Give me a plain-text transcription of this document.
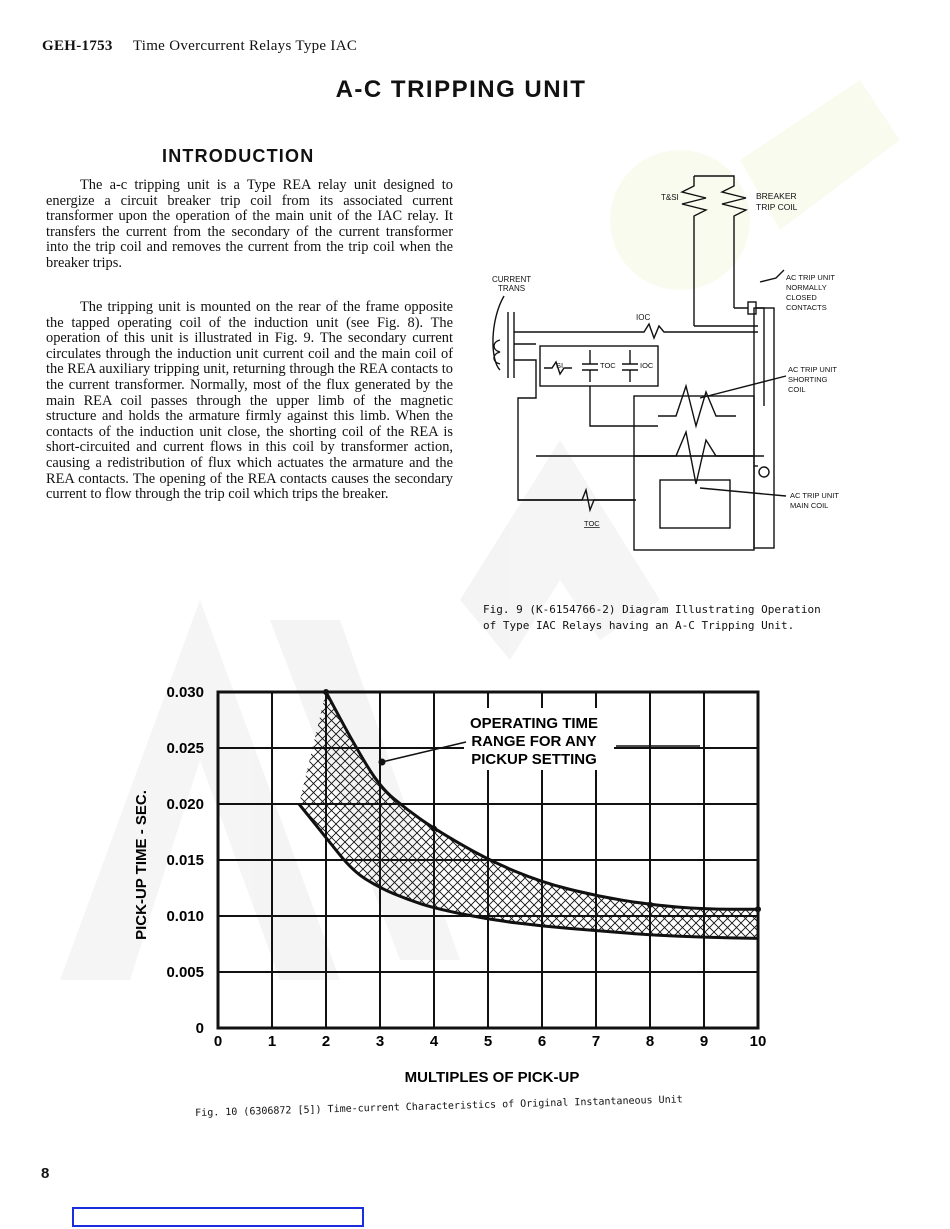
GEH-1753 Time Overcurrent Relays Type IAC
A-C TRIPPING UNIT
INTRODUCTION

The a-c tripping unit is a Type REA relay unit designed to energize a circuit breaker trip coil from its associated current transformer upon the operation of the main unit of the IAC relay. It transfers the current from the secondary of the current transformer into the trip coil and removes the current from the trip coil when the breaker trips.

The tripping unit is mounted on the rear of the frame opposite the tapped operating coil of the induction unit (see Fig. 8). The operation of this unit is illustrated in Fig. 9. The secondary current circulates through the induction unit current coil and the main coil of the REA auxiliary tripping unit, returning through the REA contacts to the current transformer. Normally, most of the flux generated by the main REA coil passes through the upper limb of the magnetic structure and holds the armature firmly against this limb. When the contacts of the induction unit close, the shorting coil of the REA is short-circuited and current flows in this coil by transformer action, causing a redistribution of flux which actuates the armature and the REA contacts. The opening of the REA contacts causes the secondary current to flow through the trip coil which trips the breaker.

T&SI	BREAKER
TRIP COIL
CURRENT
TRANS
IOC
AC TRIP UNIT
NORMALLY
CLOSED
CONTACTS
SI	TOC	IOC	AC TRIP UNIT
SHORTING
COIL
AC TRIP UNIT
MAIN COIL
TOC
Fig. 9 (K-6154766-2) Diagram Illustrating Operation
of Type IAC Relays having an A-C Tripping Unit.
0	1	2	3	4	5	6	7	8	9	10
0
0.005
0.010
0.015
0.020
0.025
0.030
OPERATING TIME
RANGE FOR ANY
PICKUP SETTING
PICK-UP TIME - SEC.
MULTIPLES OF PICK-UP
Fig. 10 (6306872 [5]) Time-current Characteristics of Original Instantaneous Unit
8
